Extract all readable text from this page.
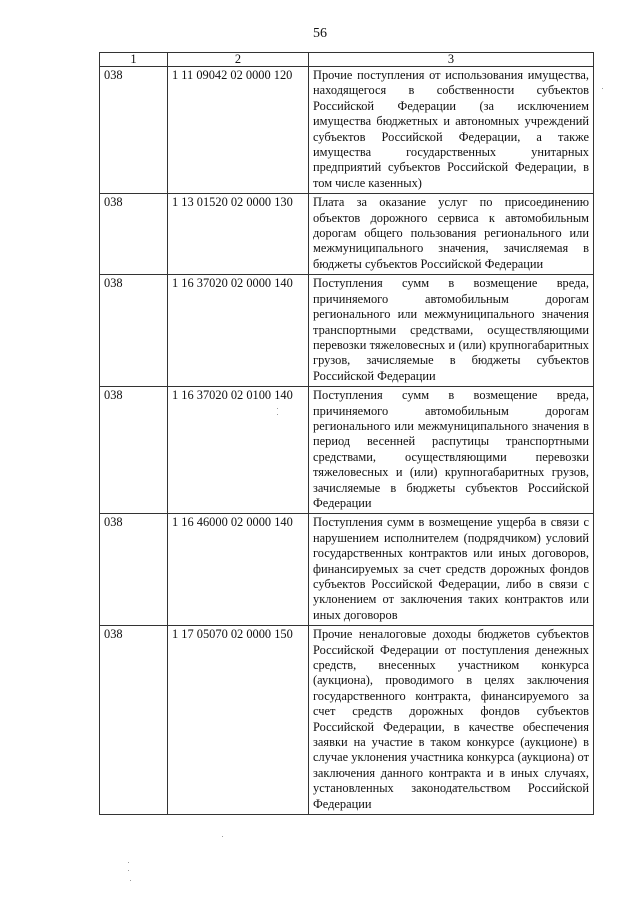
56
1	2	3
038	1 11 09042 02 0000 120	Прочие поступления от использования имущества, находящегося в собственности субъектов Российской Федерации (за исключением имущества бюджетных и автономных учреждений субъектов Российской Федерации, а также имущества государственных унитарных предприятий субъектов Российской Федерации, в том числе казенных)
038	1 13 01520 02 0000 130	Плата за оказание услуг по присоединению объектов дорожного сервиса к автомобильным дорогам общего пользования регионального или межмуниципального значения, зачисляемая в бюджеты субъектов Российской Федерации
038	1 16 37020 02 0000 140	Поступления сумм в возмещение вреда, причиняемого автомобильным дорогам регионального или межмуниципального значения транспортными средствами, осуществляющими перевозки тяжеловесных и (или) крупногабаритных грузов, зачисляемые в бюджеты субъектов Российской Федерации
038	1 16 37020 02 0100 140	Поступления сумм в возмещение вреда, причиняемого автомобильным дорогам регионального или межмуниципального значения в период весенней распутицы транспортными средствами, осуществляющими перевозки тяжеловесных и (или) крупногабаритных грузов, зачисляемые в бюджеты субъектов Российской Федерации
038	1 16 46000 02 0000 140	Поступления сумм в возмещение ущерба в связи с нарушением исполнителем (подрядчиком) условий государственных контрактов или иных договоров, финансируемых за счет средств дорожных фондов субъектов Российской Федерации, либо в связи с уклонением от заключения таких контрактов или иных договоров
038	1 17 05070 02 0000 150	Прочие неналоговые доходы бюджетов субъектов Российской Федерации от поступления денежных средств, внесенных участником конкурса (аукциона), проводимого в целях заключения государственного контракта, финансируемого за счет средств дорожных фондов субъектов Российской Федерации, в качестве обеспечения заявки на участие в таком конкурсе (аукционе) в случае уклонения участника конкурса (аукциона) от заключения данного контракта и в иных случаях, установленных законодательством Российской Федерации
